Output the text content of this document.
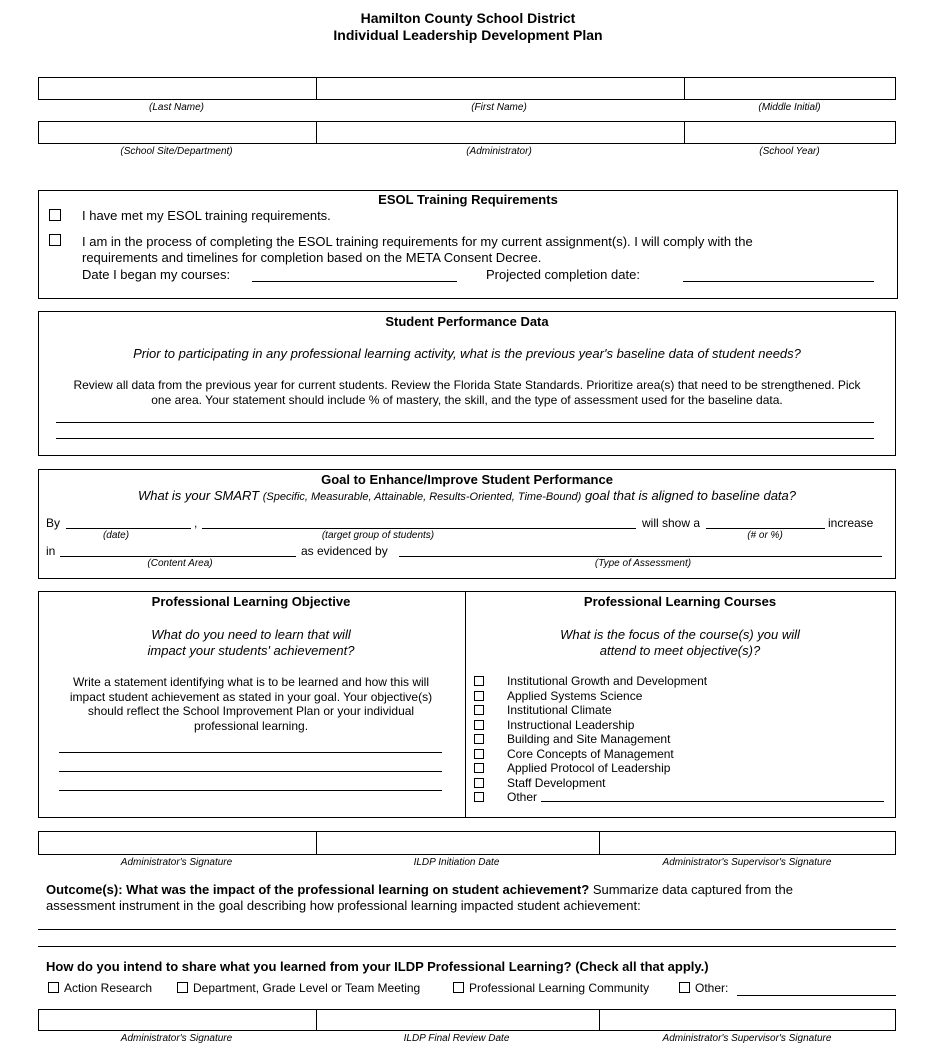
Hamilton County School District
Individual Leadership Development Plan
(Last Name)	(First Name)	(Middle Initial)
(School Site/Department)	(Administrator)	(School Year)
ESOL Training Requirements
I have met my ESOL training requirements.
I am in the process of completing the ESOL training requirements for my current assignment(s). I will comply with the
requirements and timelines for completion based on the META Consent Decree.
Date I began my courses:	Projected completion date:
Student Performance Data
Prior to participating in any professional learning activity, what is the previous year's baseline data of student needs?
Review all data from the previous year for current students. Review the Florida State Standards. Prioritize area(s) that need to be strengthened. Pick
one area. Your statement should include % of mastery, the skill, and the type of assessment used for the baseline data.
Goal to Enhance/Improve Student Performance
What is your SMART (Specific, Measurable, Attainable, Results-Oriented, Time-Bound) goal that is aligned to baseline data?
By	,	will show a	increase
(date)	(target group of students)	(# or %)
in	as evidenced by
(Content Area)	(Type of Assessment)
Professional Learning Objective
What do you need to learn that will
impact your students' achievement?
Write a statement identifying what is to be learned and how this will
impact student achievement as stated in your goal. Your objective(s)
should reflect the School Improvement Plan or your individual
professional learning.
Professional Learning Courses
What is the focus of the course(s) you will
attend to meet objective(s)?
Institutional Growth and Development
Applied Systems Science
Institutional Climate
Instructional Leadership
Building and Site Management
Core Concepts of Management
Applied Protocol of Leadership
Staff Development
Other
Administrator's Signature	ILDP Initiation Date	Administrator's Supervisor's Signature
Outcome(s): What was the impact of the professional learning on student achievement? Summarize data captured from the
assessment instrument in the goal describing how professional learning impacted student achievement:
How do you intend to share what you learned from your ILDP Professional Learning? (Check all that apply.)
Action Research	Department, Grade Level or Team Meeting	Professional Learning Community	Other:
Administrator's Signature	ILDP Final Review Date	Administrator's Supervisor's Signature
